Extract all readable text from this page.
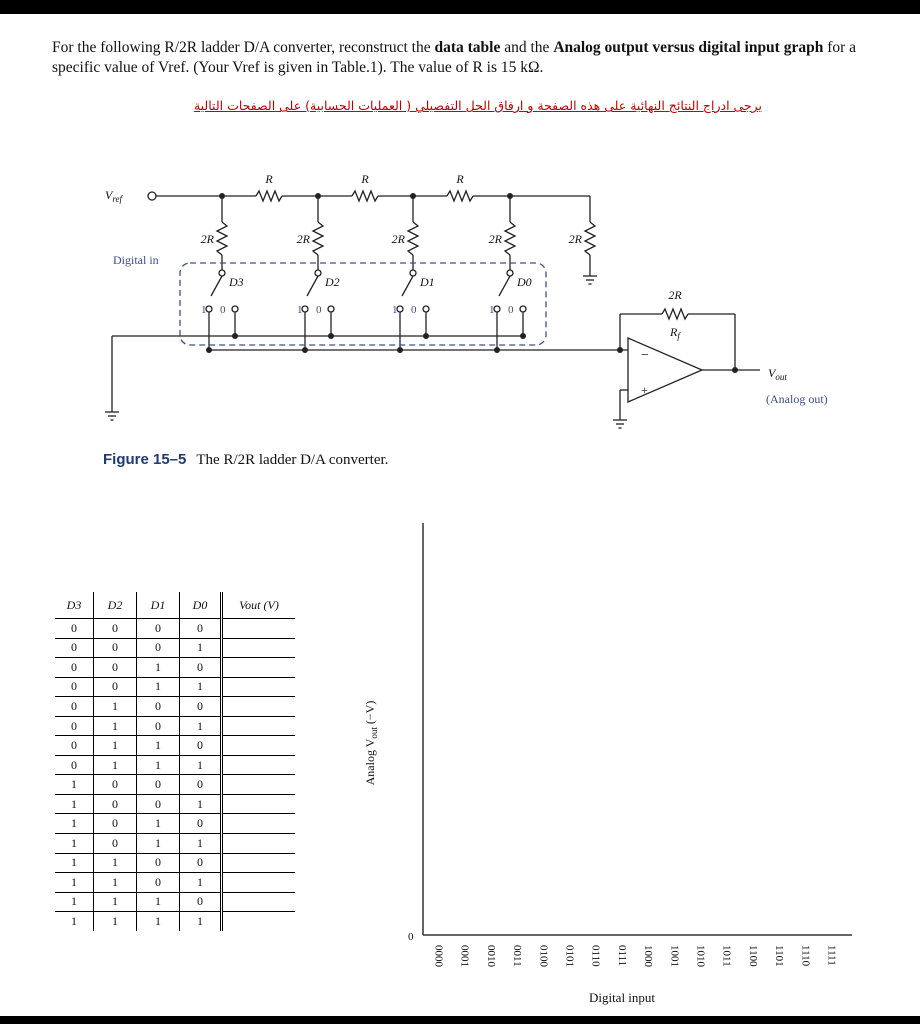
For the following R/2R ladder D/A converter, reconstruct the data table and the Analog output versus digital input graph for a specific value of Vref. (Your Vref is given in Table.1). The value of R is 15 kΩ.
يرجى ادراج النتائج النهائية على هذه الصفحة و ارفاق الحل التفصيلي ( العمليات الحسابية) على الصفحات التالية
$V_{ref}$
R	R	R
2R	2R	2R	2R	2R
Digital in
D3	D2	D1	D0
1 0	1 0	1 0	1 0
2R
$R_f$
−
+
$V_{out}$
(Analog out)
Figure 15–5 The R/2R ladder D/A converter.
D3	D2	D1	D0	Vout (V)
0	0	0	0	
0	0	0	1	
0	0	1	0	
0	0	1	1	
0	1	0	0	
0	1	0	1	
0	1	1	0	
0	1	1	1	
1	0	0	0	
1	0	0	1	
1	0	1	0	
1	0	1	1	
1	1	0	0	
1	1	0	1	
1	1	1	0	
1	1	1	1	
Analog $V_{out}$ (−V)
0
Digital input
0000 0001 0010 0011 0100 0101 0110 0111 1000 1001 1010 1011 1100 1101 1110 1111
